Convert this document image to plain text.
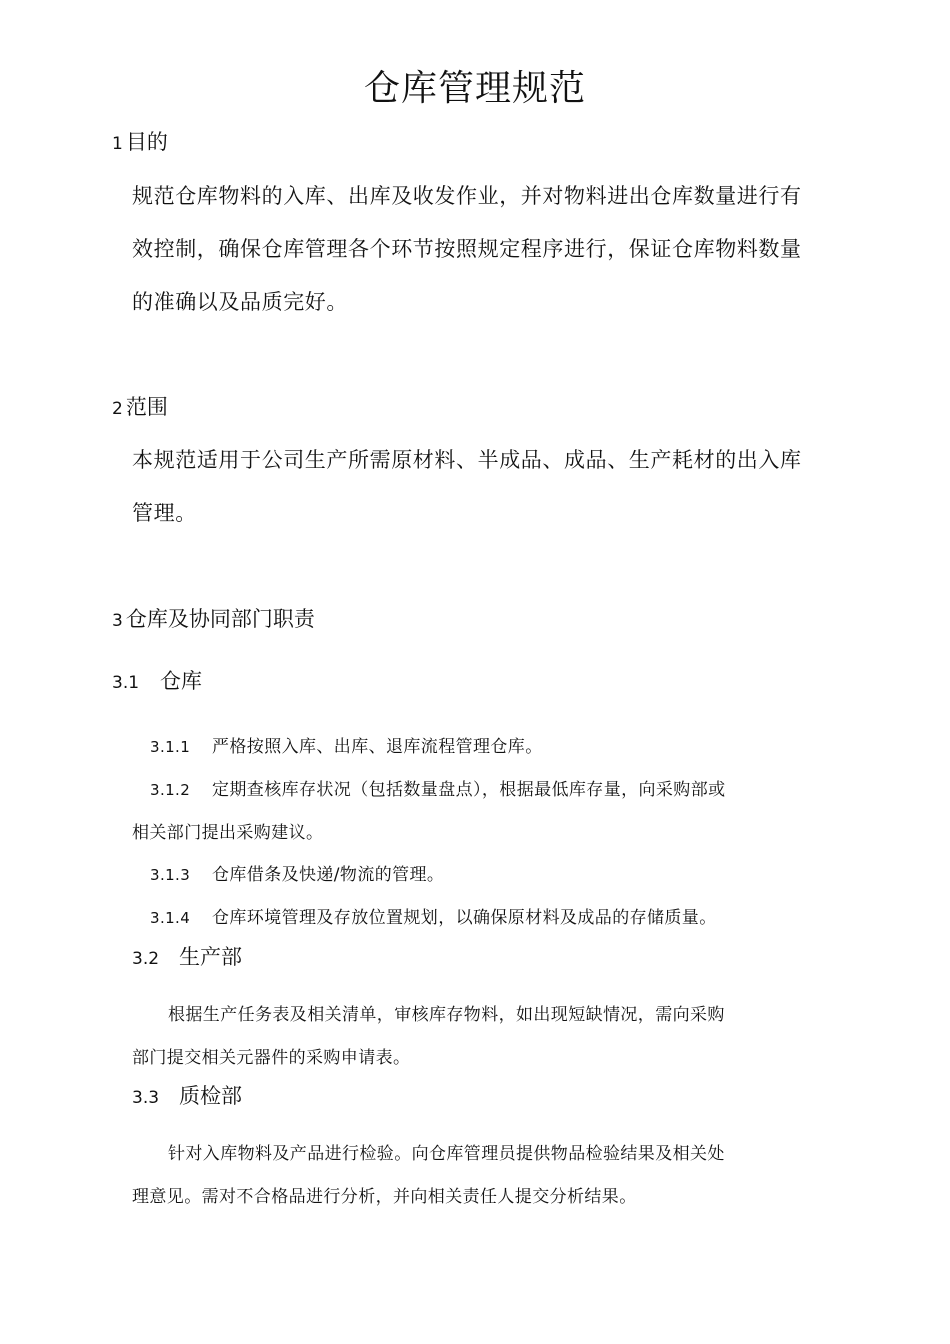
仓库管理规范
1 目的
规范仓库物料的入库、出库及收发作业，并对物料进出仓库数量进行有
效控制，确保仓库管理各个环节按照规定程序进行，保证仓库物料数量
的准确以及品质完好。
2 范围
本规范适用于公司生产所需原材料、半成品、成品、生产耗材的出入库
管理。
3 仓库及协同部门职责
3.1 仓库
3.1.1 严格按照入库、出库、退库流程管理仓库。
3.1.2 定期查核库存状况（包括数量盘点），根据最低库存量，向采购部或
相关部门提出采购建议。
3.1.3 仓库借条及快递/物流的管理。
3.1.4 仓库环境管理及存放位置规划，以确保原材料及成品的存储质量。
3.2 生产部
根据生产任务表及相关清单，审核库存物料，如出现短缺情况，需向采购
部门提交相关元器件的采购申请表。
3.3 质检部
针对入库物料及产品进行检验。向仓库管理员提供物品检验结果及相关处
理意见。需对不合格品进行分析，并向相关责任人提交分析结果。
